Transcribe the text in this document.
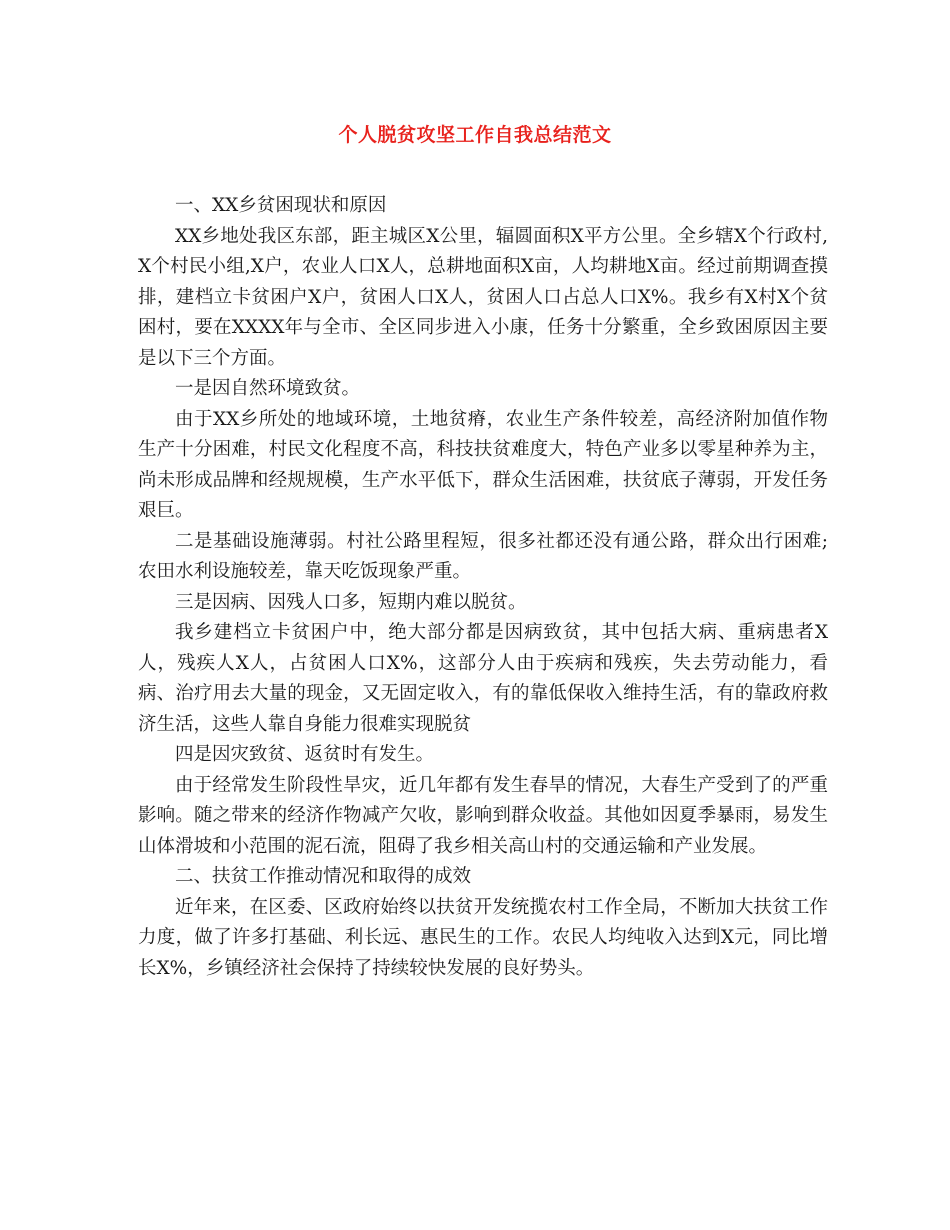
个人脱贫攻坚工作自我总结范文

一、XX乡贫困现状和原因

XX乡地处我区东部，距主城区X公里，辐圆面积X平方公里。全乡辖X个行政村,X个村民小组,X户，农业人口X人，总耕地面积X亩，人均耕地X亩。经过前期调查摸排，建档立卡贫困户X户，贫困人口X人，贫困人口占总人口X%。我乡有X村X个贫困村，要在XXXX年与全市、全区同步进入小康，任务十分繁重，全乡致困原因主要是以下三个方面。

一是因自然环境致贫。

由于XX乡所处的地域环境，土地贫瘠，农业生产条件较差，高经济附加值作物生产十分困难，村民文化程度不高，科技扶贫难度大，特色产业多以零星种养为主，尚未形成品牌和经规规模，生产水平低下，群众生活困难，扶贫底子薄弱，开发任务艰巨。

二是基础设施薄弱。村社公路里程短，很多社都还没有通公路，群众出行困难;农田水利设施较差，靠天吃饭现象严重。

三是因病、因残人口多，短期内难以脱贫。

我乡建档立卡贫困户中，绝大部分都是因病致贫，其中包括大病、重病患者X人，残疾人X人，占贫困人口X%，这部分人由于疾病和残疾，失去劳动能力，看病、治疗用去大量的现金，又无固定收入，有的靠低保收入维持生活，有的靠政府救济生活，这些人靠自身能力很难实现脱贫

四是因灾致贫、返贫时有发生。

由于经常发生阶段性旱灾，近几年都有发生春旱的情况，大春生产受到了的严重影响。随之带来的经济作物减产欠收，影响到群众收益。其他如因夏季暴雨，易发生山体滑坡和小范围的泥石流，阻碍了我乡相关高山村的交通运输和产业发展。

二、扶贫工作推动情况和取得的成效

近年来，在区委、区政府始终以扶贫开发统揽农村工作全局，不断加大扶贫工作力度，做了许多打基础、利长远、惠民生的工作。农民人均纯收入达到X元，同比增长X%，乡镇经济社会保持了持续较快发展的良好势头。
